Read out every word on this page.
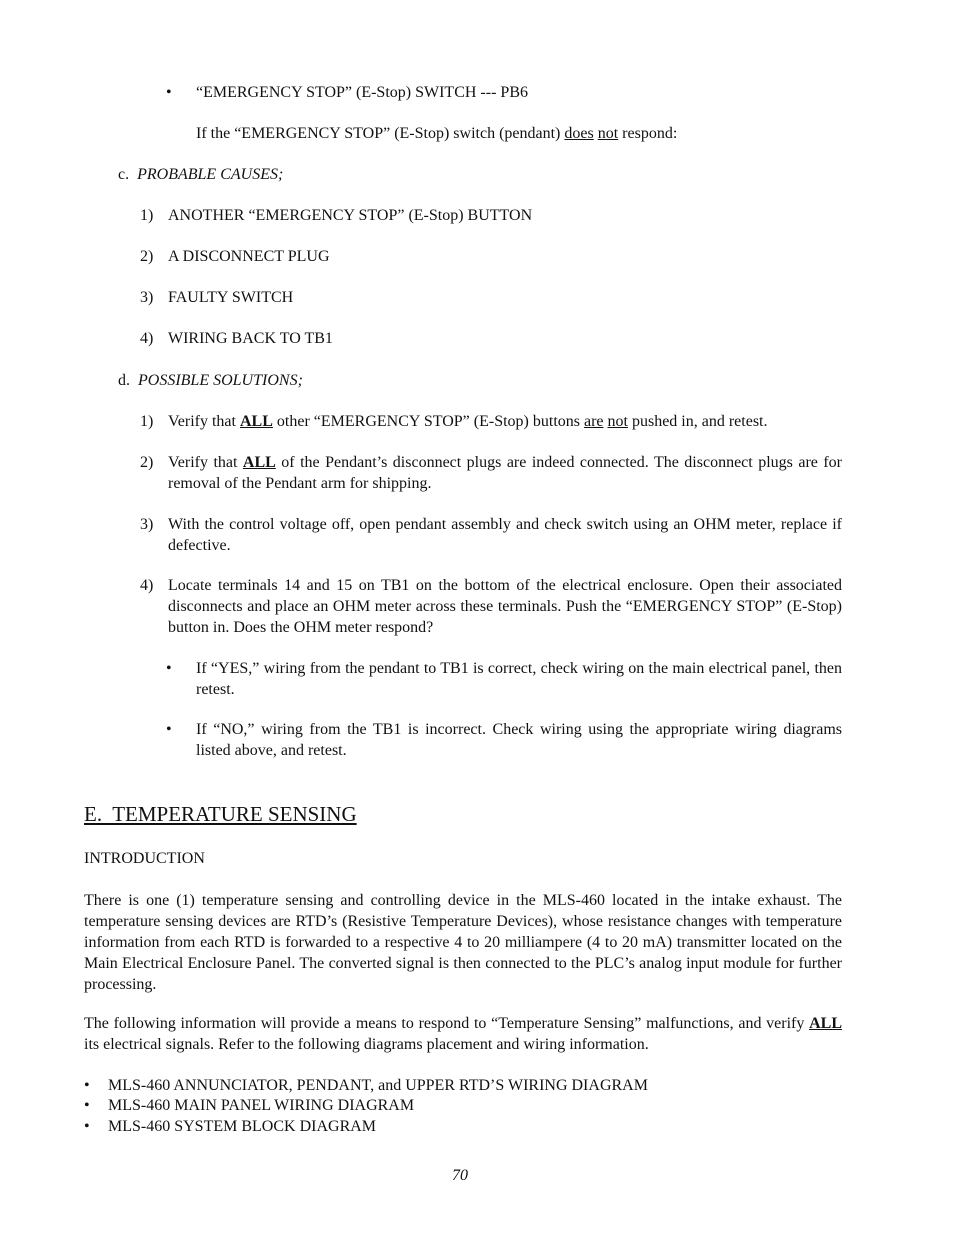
• “EMERGENCY STOP” (E-Stop) SWITCH --- PB6
If the “EMERGENCY STOP” (E-Stop) switch (pendant) does not respond:
c. PROBABLE CAUSES;
1) ANOTHER “EMERGENCY STOP” (E-Stop) BUTTON
2) A DISCONNECT PLUG
3) FAULTY SWITCH
4) WIRING BACK TO TB1
d. POSSIBLE SOLUTIONS;
1) Verify that ALL other “EMERGENCY STOP” (E-Stop) buttons are not pushed in, and retest.
2) Verify that ALL of the Pendant’s disconnect plugs are indeed connected. The disconnect plugs are for removal of the Pendant arm for shipping.
3) With the control voltage off, open pendant assembly and check switch using an OHM meter, replace if defective.
4) Locate terminals 14 and 15 on TB1 on the bottom of the electrical enclosure. Open their associated disconnects and place an OHM meter across these terminals. Push the “EMERGENCY STOP” (E-Stop) button in. Does the OHM meter respond?
• If “YES,” wiring from the pendant to TB1 is correct, check wiring on the main electrical panel, then retest.
• If “NO,” wiring from the TB1 is incorrect. Check wiring using the appropriate wiring diagrams listed above, and retest.
E.  TEMPERATURE SENSING
INTRODUCTION
There is one (1) temperature sensing and controlling device in the MLS-460 located in the intake exhaust. The temperature sensing devices are RTD’s (Resistive Temperature Devices), whose resistance changes with temperature information from each RTD is forwarded to a respective 4 to 20 milliampere (4 to 20 mA) transmitter located on the Main Electrical Enclosure Panel. The converted signal is then connected to the PLC’s analog input module for further processing.
The following information will provide a means to respond to “Temperature Sensing” malfunctions, and verify ALL its electrical signals. Refer to the following diagrams placement and wiring information.
• MLS-460 ANNUNCIATOR, PENDANT, and UPPER RTD’S WIRING DIAGRAM
• MLS-460 MAIN PANEL WIRING DIAGRAM
• MLS-460 SYSTEM BLOCK DIAGRAM
70
